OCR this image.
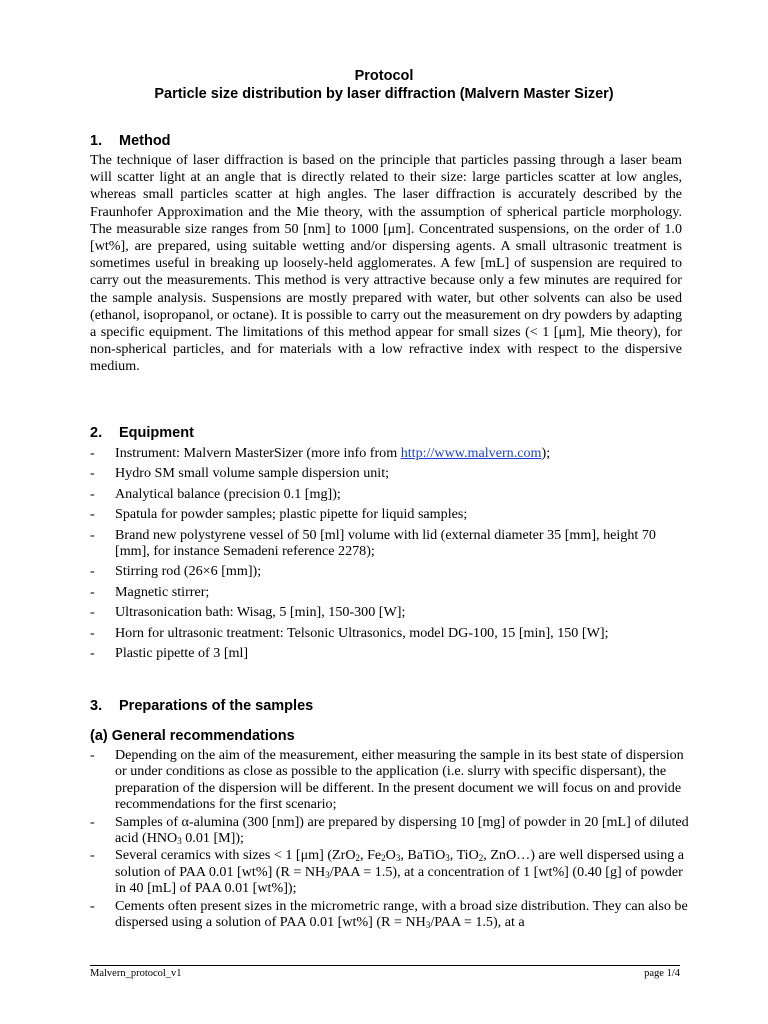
Protocol
Particle size distribution by laser diffraction (Malvern Master Sizer)
1. Method
The technique of laser diffraction is based on the principle that particles passing through a laser beam will scatter light at an angle that is directly related to their size: large particles scatter at low angles, whereas small particles scatter at high angles. The laser diffraction is accurately described by the Fraunhofer Approximation and the Mie theory, with the assumption of spherical particle morphology. The measurable size ranges from 50 [nm] to 1000 [μm]. Concentrated suspensions, on the order of 1.0 [wt%], are prepared, using suitable wetting and/or dispersing agents. A small ultrasonic treatment is sometimes useful in breaking up loosely-held agglomerates. A few [mL] of suspension are required to carry out the measurements. This method is very attractive because only a few minutes are required for the sample analysis. Suspensions are mostly prepared with water, but other solvents can also be used (ethanol, isopropanol, or octane). It is possible to carry out the measurement on dry powders by adapting a specific equipment. The limitations of this method appear for small sizes (< 1 [μm], Mie theory), for non-spherical particles, and for materials with a low refractive index with respect to the dispersive medium.
2. Equipment
- Instrument: Malvern MasterSizer (more info from http://www.malvern.com);
- Hydro SM small volume sample dispersion unit;
- Analytical balance (precision 0.1 [mg]);
- Spatula for powder samples; plastic pipette for liquid samples;
- Brand new polystyrene vessel of 50 [ml] volume with lid (external diameter 35 [mm], height 70 [mm], for instance Semadeni reference 2278);
- Stirring rod (26×6 [mm]);
- Magnetic stirrer;
- Ultrasonication bath: Wisag, 5 [min], 150-300 [W];
- Horn for ultrasonic treatment: Telsonic Ultrasonics, model DG-100, 15 [min], 150 [W];
- Plastic pipette of 3 [ml]
3. Preparations of the samples
(a) General recommendations
- Depending on the aim of the measurement, either measuring the sample in its best state of dispersion or under conditions as close as possible to the application (i.e. slurry with specific dispersant), the preparation of the dispersion will be different. In the present document we will focus on and provide recommendations for the first scenario;
- Samples of α-alumina (300 [nm]) are prepared by dispersing 10 [mg] of powder in 20 [mL] of diluted acid ($HNO_3$ 0.01 [M]);
- Several ceramics with sizes < 1 [μm] (ZrO$_2$, $Fe_2O_3$, BaTiO$_3$, TiO$_2$, ZnO…) are well dispersed using a solution of PAA 0.01 [wt%] ($R = NH_3$/PAA = 1.5), at a concentration of 1 [wt%] (0.40 [g] of powder in 40 [mL] of PAA 0.01 [wt%]);
- Cements often present sizes in the micrometric range, with a broad size distribution. They can also be dispersed using a solution of PAA 0.01 [wt%] ($R = NH_3$/PAA = 1.5), at a
Malvern_protocol_v1	page 1/4
